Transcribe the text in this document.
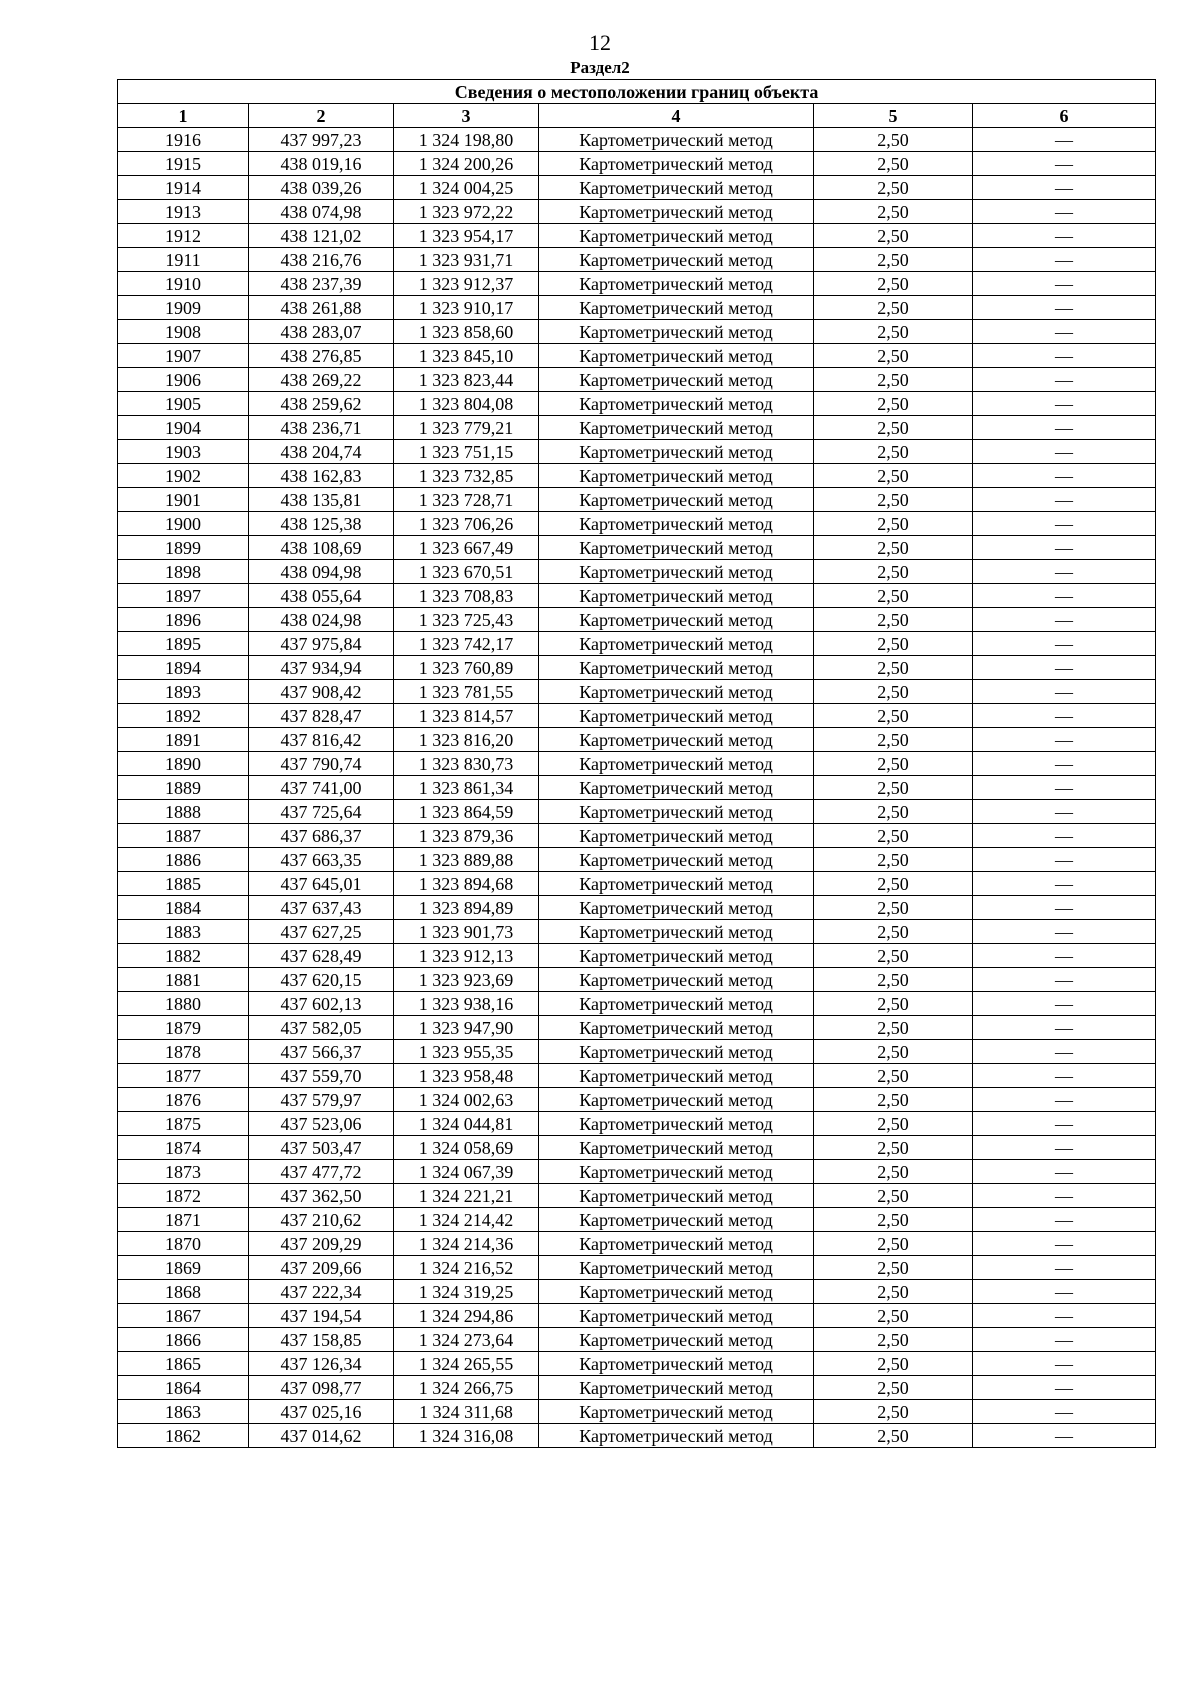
12
Раздел2
Сведения о местоположении границ объекта					
1	2	3	4	5	6
1916	437 997,23	1 324 198,80	Картометрический метод	2,50	—
1915	438 019,16	1 324 200,26	Картометрический метод	2,50	—
1914	438 039,26	1 324 004,25	Картометрический метод	2,50	—
1913	438 074,98	1 323 972,22	Картометрический метод	2,50	—
1912	438 121,02	1 323 954,17	Картометрический метод	2,50	—
1911	438 216,76	1 323 931,71	Картометрический метод	2,50	—
1910	438 237,39	1 323 912,37	Картометрический метод	2,50	—
1909	438 261,88	1 323 910,17	Картометрический метод	2,50	—
1908	438 283,07	1 323 858,60	Картометрический метод	2,50	—
1907	438 276,85	1 323 845,10	Картометрический метод	2,50	—
1906	438 269,22	1 323 823,44	Картометрический метод	2,50	—
1905	438 259,62	1 323 804,08	Картометрический метод	2,50	—
1904	438 236,71	1 323 779,21	Картометрический метод	2,50	—
1903	438 204,74	1 323 751,15	Картометрический метод	2,50	—
1902	438 162,83	1 323 732,85	Картометрический метод	2,50	—
1901	438 135,81	1 323 728,71	Картометрический метод	2,50	—
1900	438 125,38	1 323 706,26	Картометрический метод	2,50	—
1899	438 108,69	1 323 667,49	Картометрический метод	2,50	—
1898	438 094,98	1 323 670,51	Картометрический метод	2,50	—
1897	438 055,64	1 323 708,83	Картометрический метод	2,50	—
1896	438 024,98	1 323 725,43	Картометрический метод	2,50	—
1895	437 975,84	1 323 742,17	Картометрический метод	2,50	—
1894	437 934,94	1 323 760,89	Картометрический метод	2,50	—
1893	437 908,42	1 323 781,55	Картометрический метод	2,50	—
1892	437 828,47	1 323 814,57	Картометрический метод	2,50	—
1891	437 816,42	1 323 816,20	Картометрический метод	2,50	—
1890	437 790,74	1 323 830,73	Картометрический метод	2,50	—
1889	437 741,00	1 323 861,34	Картометрический метод	2,50	—
1888	437 725,64	1 323 864,59	Картометрический метод	2,50	—
1887	437 686,37	1 323 879,36	Картометрический метод	2,50	—
1886	437 663,35	1 323 889,88	Картометрический метод	2,50	—
1885	437 645,01	1 323 894,68	Картометрический метод	2,50	—
1884	437 637,43	1 323 894,89	Картометрический метод	2,50	—
1883	437 627,25	1 323 901,73	Картометрический метод	2,50	—
1882	437 628,49	1 323 912,13	Картометрический метод	2,50	—
1881	437 620,15	1 323 923,69	Картометрический метод	2,50	—
1880	437 602,13	1 323 938,16	Картометрический метод	2,50	—
1879	437 582,05	1 323 947,90	Картометрический метод	2,50	—
1878	437 566,37	1 323 955,35	Картометрический метод	2,50	—
1877	437 559,70	1 323 958,48	Картометрический метод	2,50	—
1876	437 579,97	1 324 002,63	Картометрический метод	2,50	—
1875	437 523,06	1 324 044,81	Картометрический метод	2,50	—
1874	437 503,47	1 324 058,69	Картометрический метод	2,50	—
1873	437 477,72	1 324 067,39	Картометрический метод	2,50	—
1872	437 362,50	1 324 221,21	Картометрический метод	2,50	—
1871	437 210,62	1 324 214,42	Картометрический метод	2,50	—
1870	437 209,29	1 324 214,36	Картометрический метод	2,50	—
1869	437 209,66	1 324 216,52	Картометрический метод	2,50	—
1868	437 222,34	1 324 319,25	Картометрический метод	2,50	—
1867	437 194,54	1 324 294,86	Картометрический метод	2,50	—
1866	437 158,85	1 324 273,64	Картометрический метод	2,50	—
1865	437 126,34	1 324 265,55	Картометрический метод	2,50	—
1864	437 098,77	1 324 266,75	Картометрический метод	2,50	—
1863	437 025,16	1 324 311,68	Картометрический метод	2,50	—
1862	437 014,62	1 324 316,08	Картометрический метод	2,50	—
